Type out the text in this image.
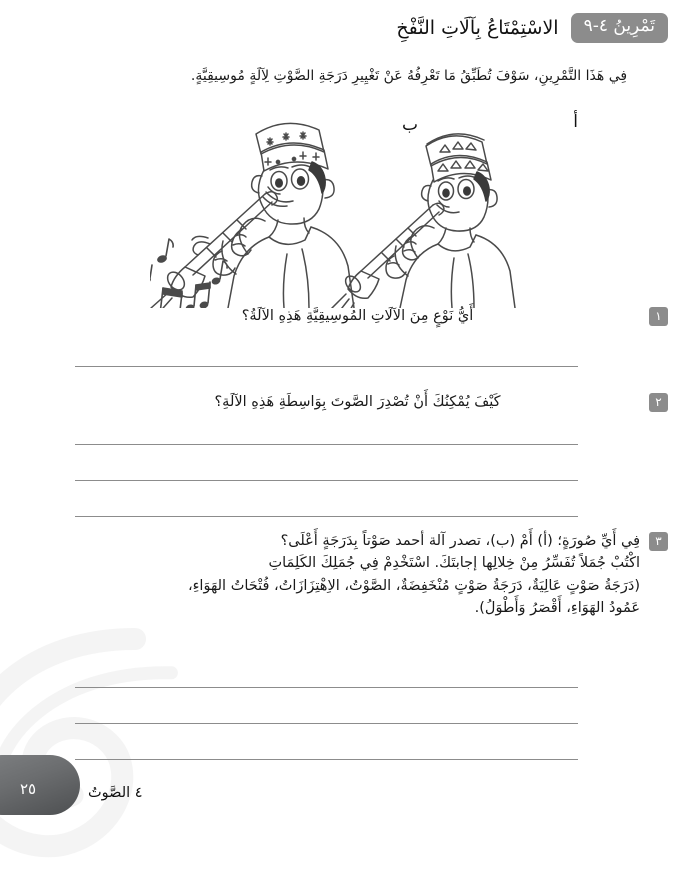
تَمْرِينُ ٤-٩
الاسْتِمْتَاعُ بِآلَاتِ النَّفْخِ
فِي هَذَا التَّمْرِينِ، سَوْفَ تُطَبِّقُ مَا تَعْرِفُهُ عَنْ تَغْيِيرِ دَرَجَةِ الصَّوْتِ لِآلَةٍ مُوسِيقِيَّةٍ.
أ
ب
١
أَيُّ نَوْعٍ مِنَ الآلَاتِ المُوسِيقِيَّةِ هَذِهِ الآلَةُ؟
٢
كَيْفَ يُمْكِنُكَ أَنْ تُصْدِرَ الصَّوتَ بِوَاسِطَةِ هَذِهِ الآلَةِ؟
٣
فِي أَيِّ صُورَةٍ؛ (أ) أَمْ (ب)، تصدر آلة أحمد صَوْتاً بِدَرَجَةٍ أَعْلَى؟
اكْتُبْ جُمَلاً تُفَسِّرُ مِنْ خِلالِها إجابتَكَ. اسْتَخْدِمْ فِي جُمَلِكَ الكَلِمَاتِ
(دَرَجَةُ صَوْتٍ عَالِيَةٌ، دَرَجَةُ صَوْتٍ مُنْخَفِضَةٌ، الصَّوْتُ، الاِهْتِزَازَاتُ، فُتْحَاتُ الهَوَاءِ،
عَمُودُ الهَوَاءِ، أَقْصَرُ وَأَطْوَلُ).
٢٥	٤ الصَّوتُ
